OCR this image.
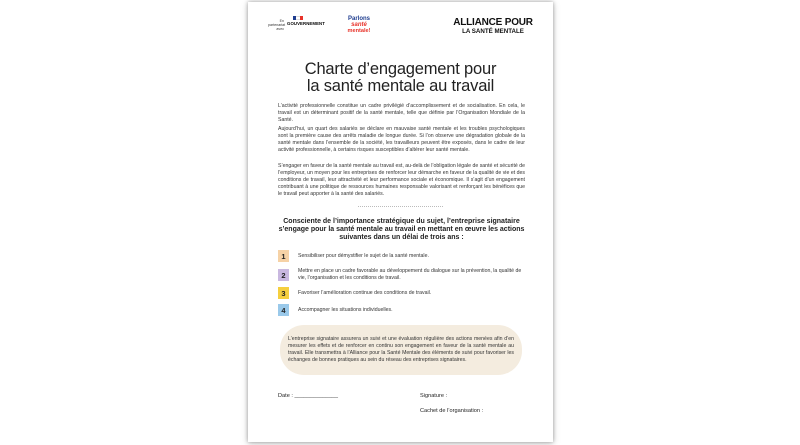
En partenariat avec
GOUVERNEMENT
Parlons
santé
mentale!
ALLIANCE POUR
LA SANTÉ MENTALE
Charte d’engagement pour
la santé mentale au travail
L’activité professionnelle constitue un cadre privilégié d’accomplissement et de socialisation. En cela, le travail est un déterminant positif de la santé mentale, telle que définie par l’Organisation Mondiale de la Santé.
Aujourd’hui, un quart des salariés se déclare en mauvaise santé mentale et les troubles psychologiques sont la première cause des arrêts maladie de longue durée. Si l’on observe une dégradation globale de la santé mentale dans l’ensemble de la société, les travailleurs peuvent être exposés, dans le cadre de leur activité professionnelle, à certains risques susceptibles d’altérer leur santé mentale.
S’engager en faveur de la santé mentale au travail est, au-delà de l’obligation légale de santé et sécurité de l’employeur, un moyen pour les entreprises de renforcer leur démarche en faveur de la qualité de vie et des conditions de travail, leur attractivité et leur performance sociale et économique. Il s’agit d’un engagement contribuant à une politique de ressources humaines responsable valorisant et renforçant les bénéfices que le travail peut apporter à la santé des salariés.
Consciente de l’importance stratégique du sujet, l’entreprise signataire s’engage pour la santé mentale au travail en mettant en œuvre les actions suivantes dans un délai de trois ans :
1	Sensibiliser pour démystifier le sujet de la santé mentale.
2	Mettre en place un cadre favorable au développement du dialogue sur la prévention, la qualité de vie, l’organisation et les conditions de travail.
3	Favoriser l’amélioration continue des conditions de travail.
4	Accompagner les situations individuelles.
L’entreprise signataire assurera un suivi et une évaluation régulière des actions menées afin d’en mesurer les effets et de renforcer en continu son engagement en faveur de la santé mentale au travail. Elle transmettra à l’Alliance pour la Santé Mentale des éléments de suivi pour favoriser les échanges de bonnes pratiques au sein du réseau des entreprises signataires.
Date : ______________	Signature :
Cachet de l’organisation :
